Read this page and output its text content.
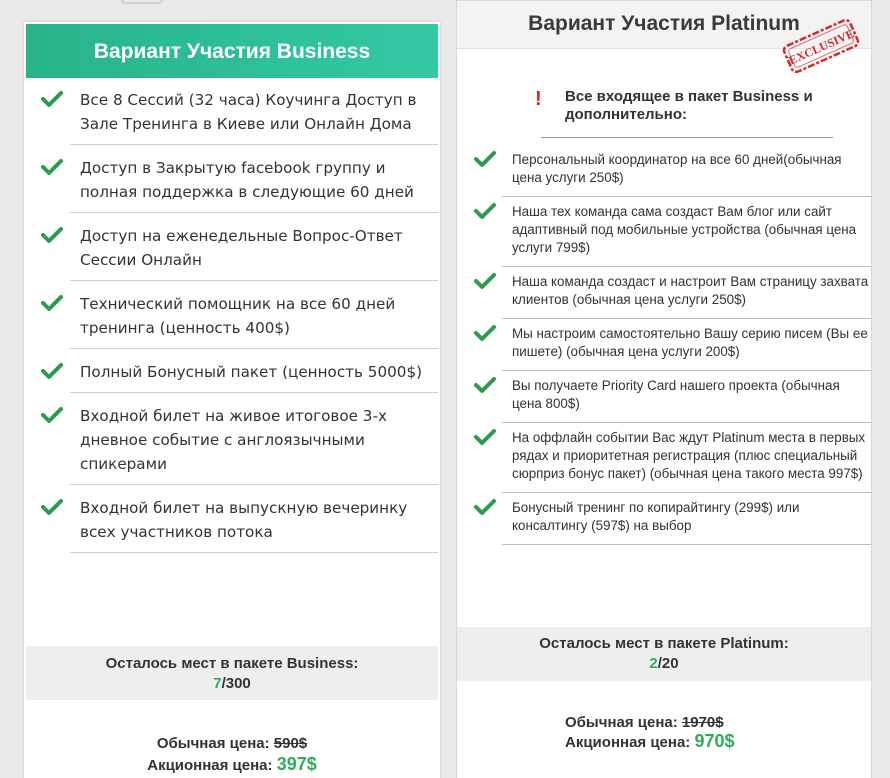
Вариант Участия Business
Все 8 Сессий (32 часа) Коучинга Доступ в Зале Тренинга в Киеве или Онлайн Дома
Доступ в Закрытую facebook группу и полная поддержка в следующие 60 дней
Доступ на еженедельные Вопрос-Ответ Сессии Онлайн
Технический помощник на все 60 дней тренинга (ценность 400$)
Полный Бонусный пакет (ценность 5000$)
Входной билет на живое итоговое 3-х дневное событие с англоязычными спикерами
Входной билет на выпускную вечеринку всех участников потока
Осталось мест в пакете Business:
7/300
Обычная цена: 590$
Акционная цена: 397$
Вариант Участия Platinum
EXCLUSIVE
! Все входящее в пакет Business и дополнительно:
Персональный координатор на все 60 дней(обычная цена услуги 250$)
Наша тех команда сама создаст Вам блог или сайт адаптивный под мобильные устройства (обычная цена услуги 799$)
Наша команда создаст и настроит Вам страницу захвата клиентов (обычная цена услуги 250$)
Мы настроим самостоятельно Вашу серию писем (Вы ее пишете) (обычная цена услуги 200$)
Вы получаете Priority Card нашего проекта (обычная цена 800$)
На оффлайн событии Вас ждут Platinum места в первых рядах и приоритетная регистрация (плюс специальный сюрприз бонус пакет) (обычная цена такого места 997$)
Бонусный тренинг по копирайтингу (299$) или консалтингу (597$) на выбор
Осталось мест в пакете Platinum:
2/20
Обычная цена: 1970$
Акционная цена: 970$
